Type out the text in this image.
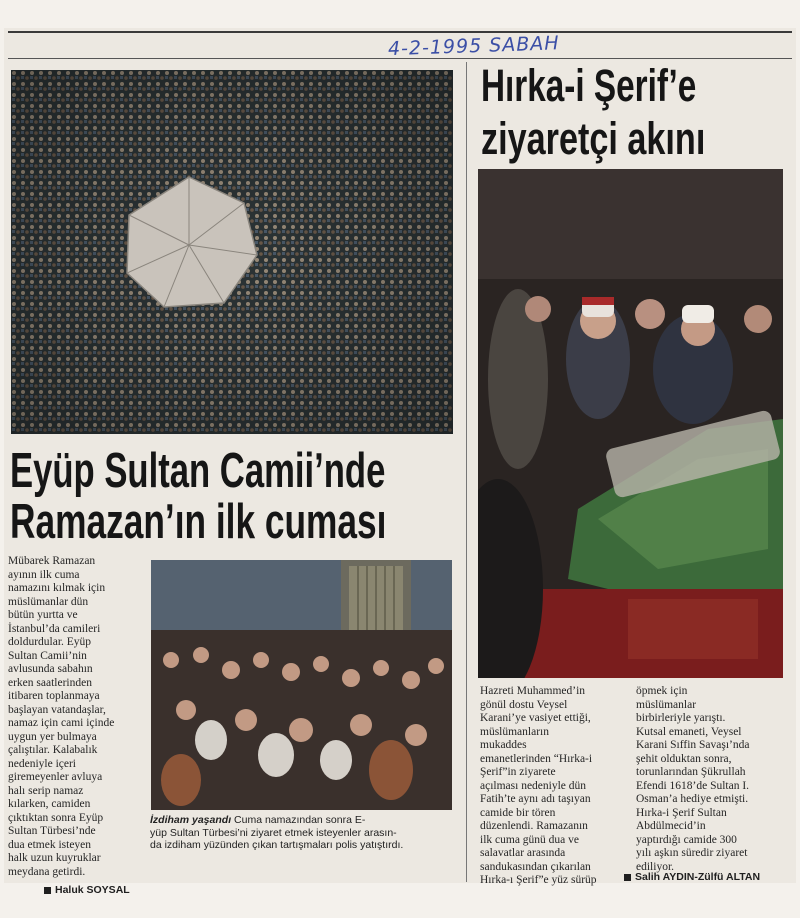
4-2-1995 SABAH
Hırka-i Şerif’e
ziyaretçi akını
Eyüp Sultan Camii’nde
Ramazan’ın ilk cuması
Mübarek Ramazan
ayının ilk cuma
namazını kılmak için
müslümanlar dün
bütün yurtta ve
İstanbul’da camileri
doldurdular. Eyüp
Sultan Camii’nin
avlusunda sabahın
erken saatlerinden
itibaren toplanmaya
başlayan vatandaşlar,
namaz için cami içinde
uygun yer bulmaya
çalıştılar. Kalabalık
nedeniyle içeri
giremeyenler avluya
halı serip namaz
kılarken, camiden
çıktıktan sonra Eyüp
Sultan Türbesi’nde
dua etmek isteyen
halk uzun kuyruklar
meydana getirdi.
Haluk SOYSAL
İzdiham yaşandı Cuma namazından sonra E-
yüp Sultan Türbesi’ni ziyaret etmek isteyenler arasın-
da izdiham yüzünden çıkan tartışmaları polis yatıştırdı.
Hazreti Muhammed’in
gönül dostu Veysel
Karani’ye vasiyet ettiği,
müslümanların
mukaddes
emanetlerinden “Hırka-i
Şerif”in ziyarete
açılması nedeniyle dün
Fatih’te aynı adı taşıyan
camide bir tören
düzenlendi. Ramazanın
ilk cuma günü dua ve
salavatlar arasında
sandukasından çıkarılan
Hırka-ı Şerif”e yüz sürüp
öpmek için
müslümanlar
birbirleriyle yarıştı.
Kutsal emaneti, Veysel
Karani Sıffin Savaşı’nda
şehit olduktan sonra,
torunlarından Şükrullah
Efendi 1618’de Sultan I.
Osman’a hediye etmişti.
Hırka-i Şerif Sultan
Abdülmecid’in
yaptırdığı camide 300
yılı aşkın süredir ziyaret
ediliyor.
Salih AYDIN-Zülfü ALTAN
